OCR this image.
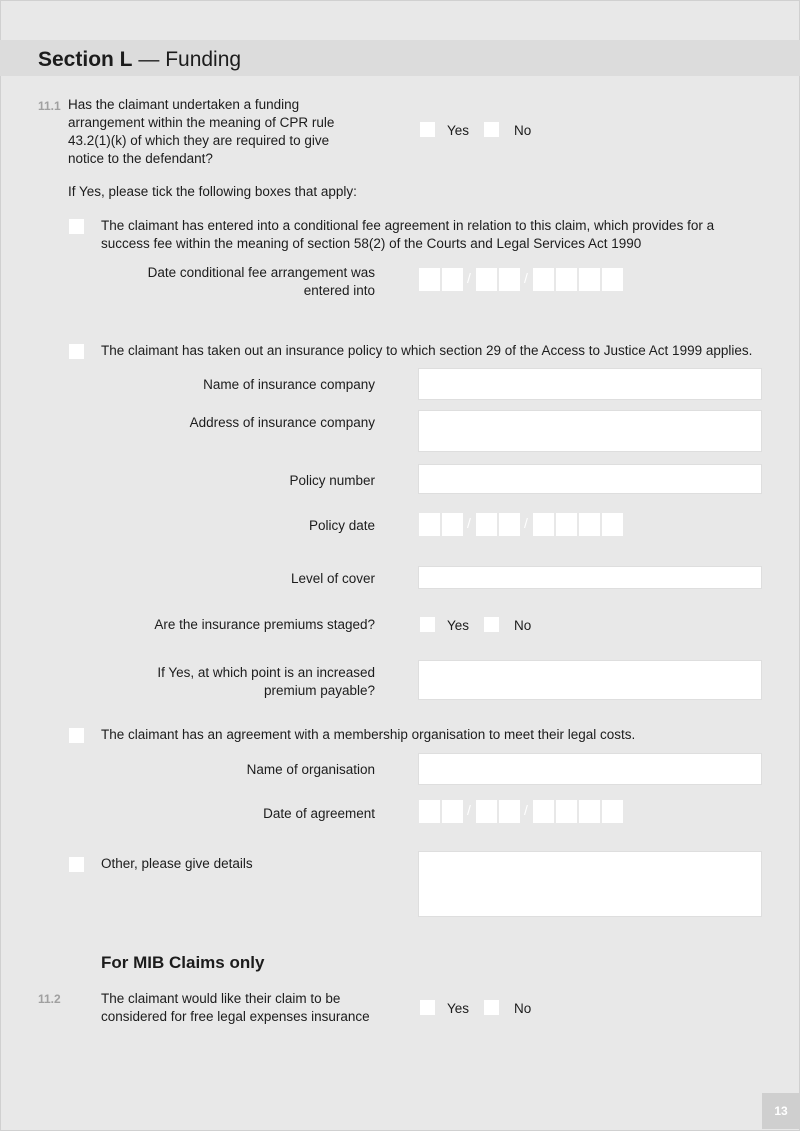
Section L — Funding
11.1 Has the claimant undertaken a funding
arrangement within the meaning of CPR rule
43.2(1)(k) of which they are required to give
notice to the defendant?
Yes	No
If Yes, please tick the following boxes that apply:
The claimant has entered into a conditional fee agreement in relation to this claim, which provides for a
success fee within the meaning of section 58(2) of the Courts and Legal Services Act 1990
Date conditional fee arrangement was
entered into
/	/
The claimant has taken out an insurance policy to which section 29 of the Access to Justice Act 1999 applies.
Name of insurance company
Address of insurance company
Policy number
Policy date	/	/
Level of cover
Are the insurance premiums staged?	Yes	No
If Yes, at which point is an increased
premium payable?
The claimant has an agreement with a membership organisation to meet their legal costs.
Name of organisation
Date of agreement	/	/
Other, please give details
For MIB Claims only
11.2	The claimant would like their claim to be
considered for free legal expenses insurance
Yes	No
13
